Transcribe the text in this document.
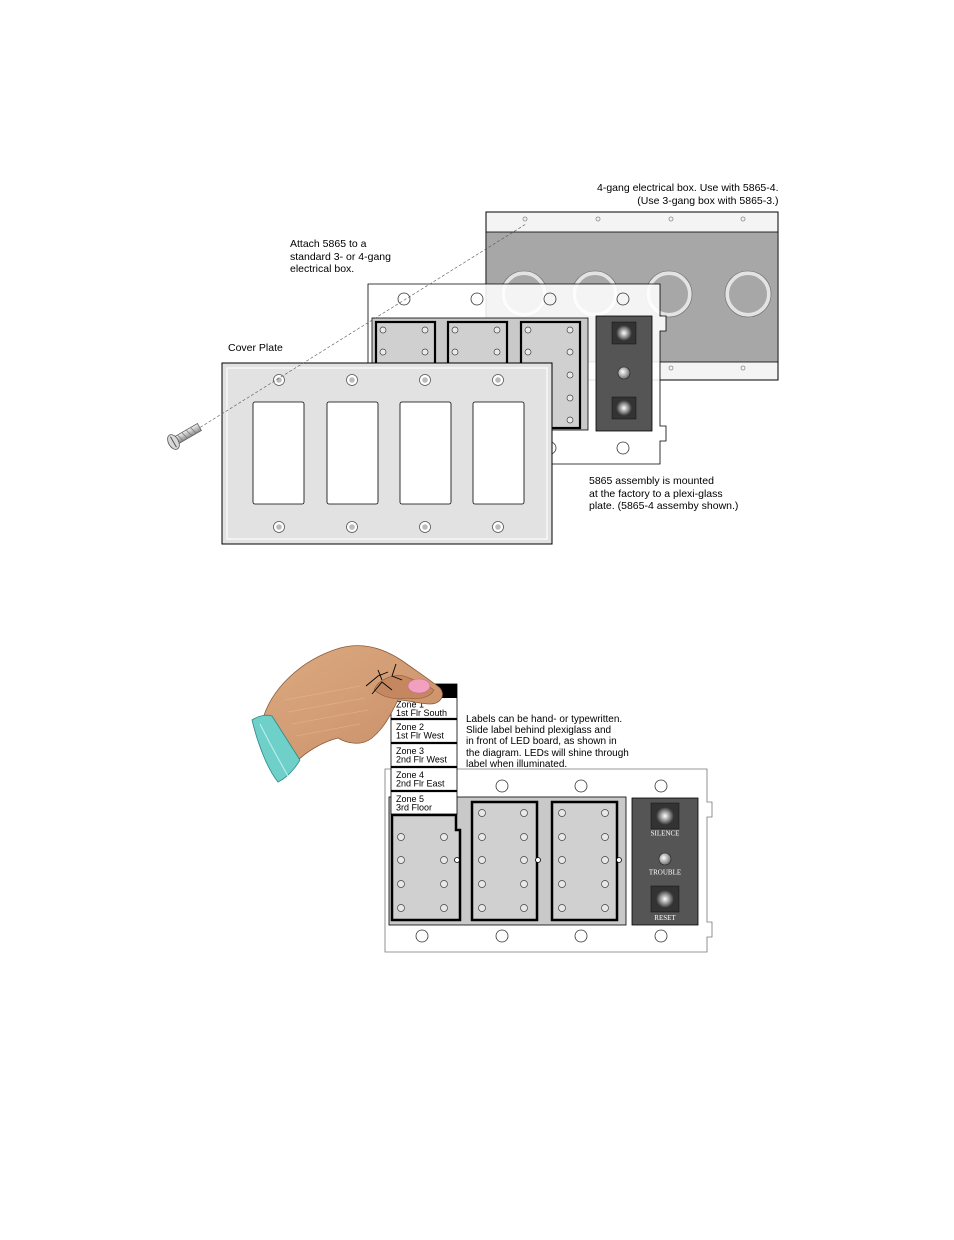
SILENCE
TROUBLE
RESET
Zone 1
1st Flr South
Zone 2
1st Flr West
Zone 3
2nd Flr West
Zone 4
2nd Flr East
Zone 5
3rd Floor
4-gang electrical box. Use with 5865-4.
(Use 3-gang box with 5865-3.)
Attach 5865 to a
standard 3- or 4-gang
electrical box.
Cover Plate
5865 assembly is mounted
at the factory to a plexi-glass
plate. (5865-4 assemby shown.)
Labels can be hand- or typewritten.
Slide label behind plexiglass and
in front of LED board, as shown in
the diagram. LEDs will shine through
label when illuminated.
